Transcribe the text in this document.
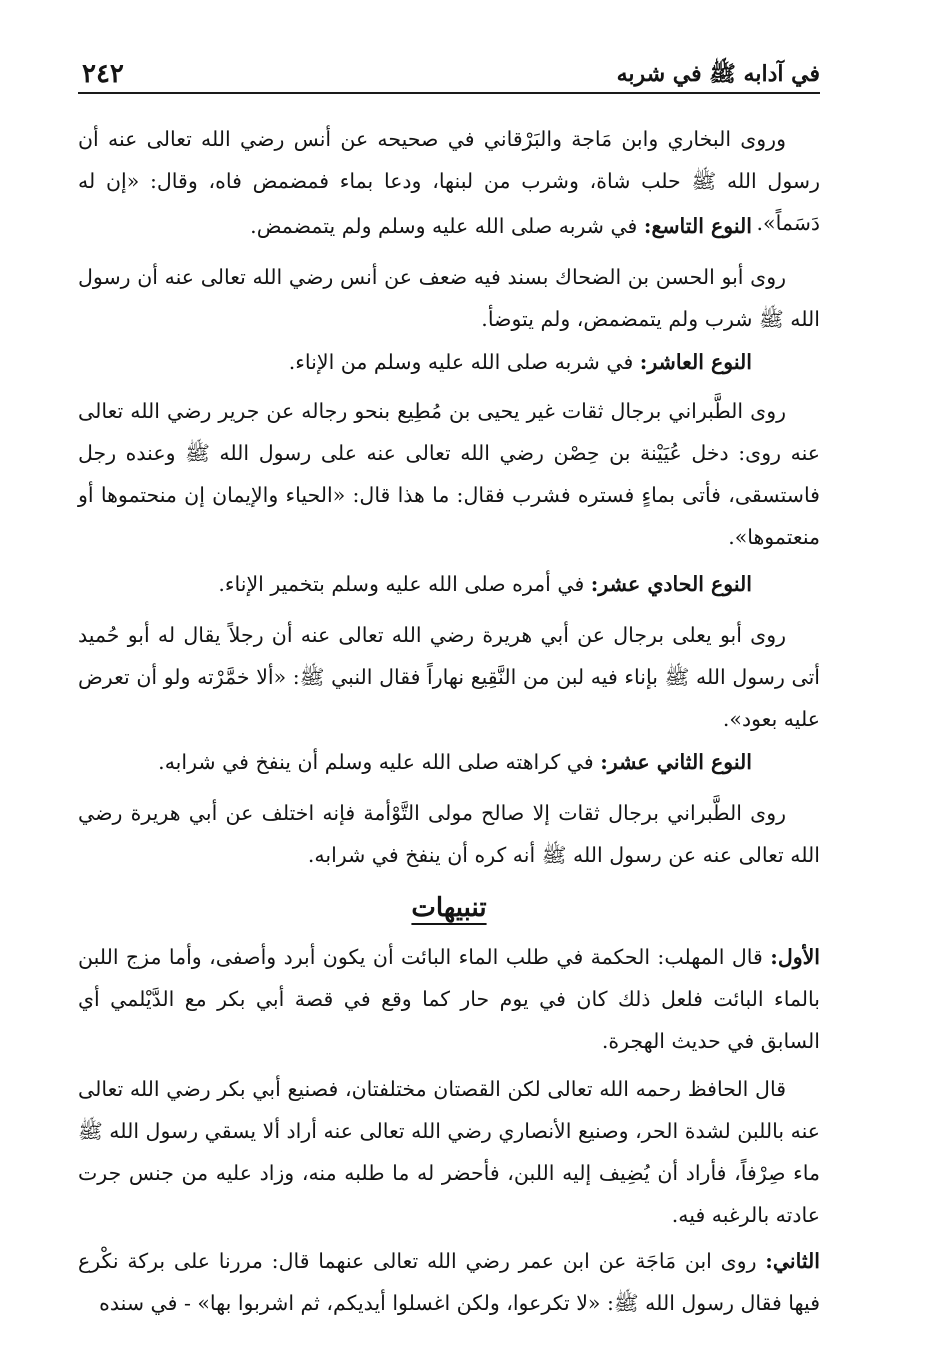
في آدابه ﷺ في شربه
٢٤٢

وروى البخاري وابن مَاجة والبَرْقاني في صحيحه عن أنس رضي الله تعالى عنه أن رسول الله ﷺ حلب شاة، وشرب من لبنها، ودعا بماء فمضمض فاه، وقال: «إن له دَسَماً».

النوع التاسع: في شربه صلى الله عليه وسلم ولم يتمضمض.

روى أبو الحسن بن الضحاك بسند فيه ضعف عن أنس رضي الله تعالى عنه أن رسول الله ﷺ شرب ولم يتمضمض، ولم يتوضأ.

النوع العاشر: في شربه صلى الله عليه وسلم من الإناء.

روى الطَّبراني برجال ثقات غير يحيى بن مُطِيع بنحو رجاله عن جرير رضي الله تعالى عنه روى: دخل عُيَيْنة بن حِصْن رضي الله تعالى عنه على رسول الله ﷺ وعنده رجل فاستسقى، فأتى بماءٍ فستره فشرب فقال: ما هذا قال: «الحياء والإيمان إن منحتموها أو منعتموها».

النوع الحادي عشر: في أمره صلى الله عليه وسلم بتخمير الإناء.

روى أبو يعلى برجال عن أبي هريرة رضي الله تعالى عنه أن رجلاً يقال له أبو حُميد أتى رسول الله ﷺ بإناء فيه لبن من النَّقِيع نهاراً فقال النبي ﷺ: «ألا خمَّرْته ولو أن تعرض عليه بعود».

النوع الثاني عشر: في كراهته صلى الله عليه وسلم أن ينفخ في شرابه.

روى الطَّبراني برجال ثقات إلا صالح مولى التَّوْأمة فإنه اختلف عن أبي هريرة رضي الله تعالى عنه عن رسول الله ﷺ أنه كره أن ينفخ في شرابه.

تنبيهات

الأول: قال المهلب: الحكمة في طلب الماء البائت أن يكون أبرد وأصفى، وأما مزج اللبن بالماء البائت فلعل ذلك كان في يوم حار كما وقع في قصة أبي بكر مع الدَّيْلمي أي السابق في حديث الهجرة.

قال الحافظ رحمه الله تعالى لكن القصتان مختلفتان، فصنيع أبي بكر رضي الله تعالى عنه باللبن لشدة الحر، وصنيع الأنصاري رضي الله تعالى عنه أراد ألا يسقي رسول الله ﷺ ماء صِرْفاً، فأراد أن يُضِيف إليه اللبن، فأحضر له ما طلبه منه، وزاد عليه من جنس جرت عادته بالرغبه فيه.

الثاني: روى ابن مَاجَة عن ابن عمر رضي الله تعالى عنهما قال: مررنا على بركة نكْرع فيها فقال رسول الله ﷺ: «لا تكرعوا، ولكن اغسلوا أيديكم، ثم اشربوا بها» - في سنده
